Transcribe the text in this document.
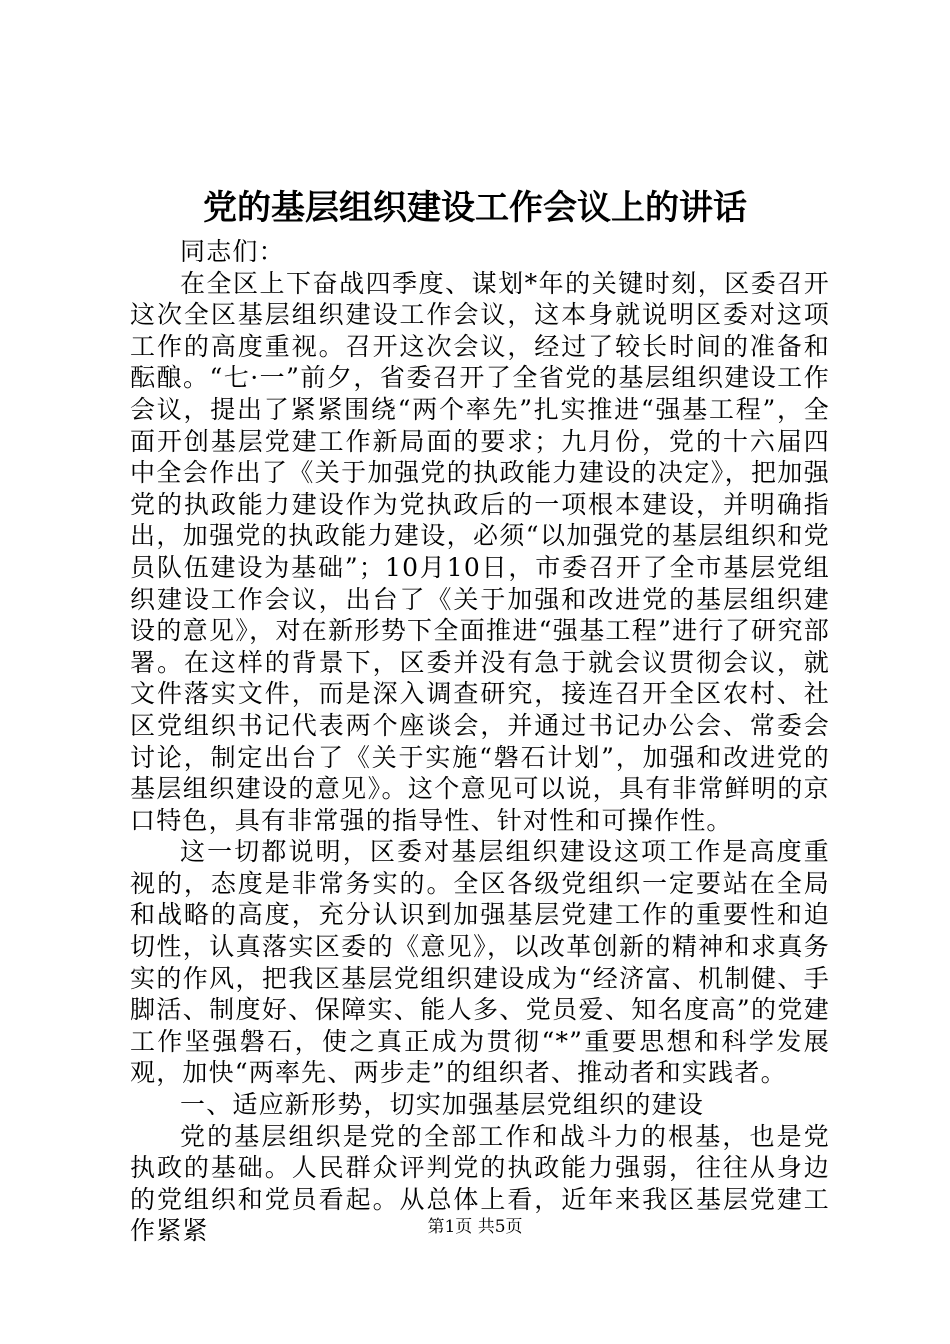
党的基层组织建设工作会议上的讲话

同志们：

在全区上下奋战四季度、谋划*年的关键时刻，区委召开这次全区基层组织建设工作会议，这本身就说明区委对这项工作的高度重视。召开这次会议，经过了较长时间的准备和酝酿。“七·一”前夕，省委召开了全省党的基层组织建设工作会议，提出了紧紧围绕“两个率先”扎实推进“强基工程”，全面开创基层党建工作新局面的要求；九月份，党的十六届四中全会作出了《关于加强党的执政能力建设的决定》，把加强党的执政能力建设作为党执政后的一项根本建设，并明确指出，加强党的执政能力建设，必须“以加强党的基层组织和党员队伍建设为基础”；10月10日，市委召开了全市基层党组织建设工作会议，出台了《关于加强和改进党的基层组织建设的意见》，对在新形势下全面推进“强基工程”进行了研究部署。在这样的背景下，区委并没有急于就会议贯彻会议，就文件落实文件，而是深入调查研究，接连召开全区农村、社区党组织书记代表两个座谈会，并通过书记办公会、常委会讨论，制定出台了《关于实施“磐石计划”，加强和改进党的基层组织建设的意见》。这个意见可以说，具有非常鲜明的京口特色，具有非常强的指导性、针对性和可操作性。

这一切都说明，区委对基层组织建设这项工作是高度重视的，态度是非常务实的。全区各级党组织一定要站在全局和战略的高度，充分认识到加强基层党建工作的重要性和迫切性，认真落实区委的《意见》，以改革创新的精神和求真务实的作风，把我区基层党组织建设成为“经济富、机制健、手脚活、制度好、保障实、能人多、党员爱、知名度高”的党建工作坚强磐石，使之真正成为贯彻“*”重要思想和科学发展观，加快“两率先、两步走”的组织者、推动者和实践者。

一、适应新形势，切实加强基层党组织的建设

党的基层组织是党的全部工作和战斗力的根基，也是党执政的基础。人民群众评判党的执政能力强弱，往往从身边的党组织和党员看起。从总体上看，近年来我区基层党建工作紧紧	第1页 共5页
